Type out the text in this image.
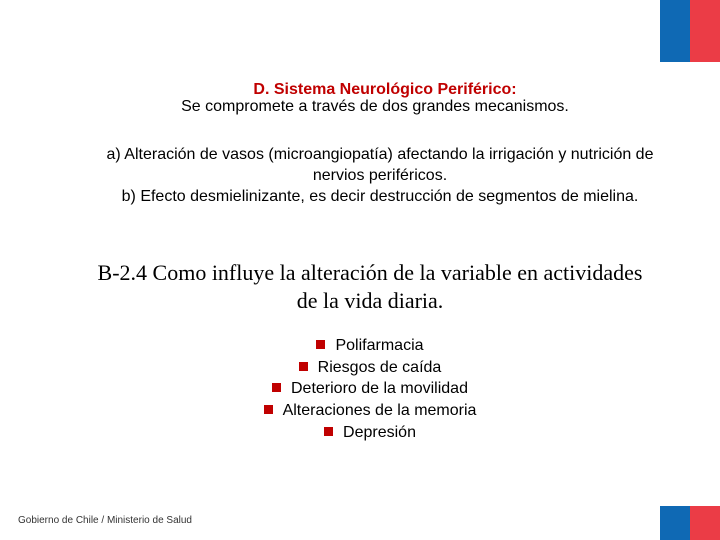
D. Sistema Neurológico Periférico:
Se compromete a través de dos grandes mecanismos.
a) Alteración de vasos (microangiopatía) afectando la irrigación y nutrición de
nervios periféricos.
b) Efecto desmielinizante, es decir destrucción de segmentos de mielina.
B-2.4 Como influye la alteración de la variable en actividades
de la vida diaria.
Polifarmacia
Riesgos de caída
Deterioro de la movilidad
Alteraciones de la memoria
Depresión
Gobierno de Chile / Ministerio de Salud
